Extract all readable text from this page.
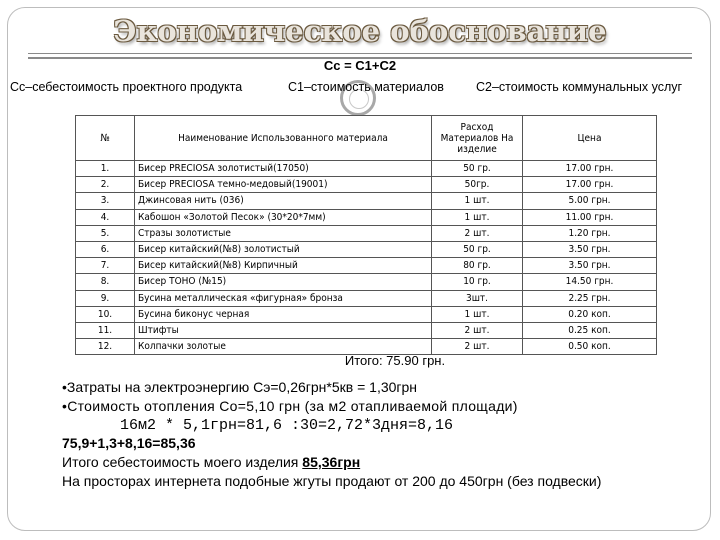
Экономическое обоснование
Cc = C1+C2
Cc–себестоимость проектного продукта	C1–стоимость материалов	C2–стоимость коммунальных услуг
№	Наименование Использованного материала	Расход Материалов На изделие	Цена
1.	Бисер PRECIOSA золотистый(17050)	50 гр.	17.00 грн.
2.	Бисер PRECIOSA темно-медовый(19001)	50гр.	17.00 грн.
3.	Джинсовая нить (036)	1 шт.	5.00 грн.
4.	Кабошон «Золотой Песок» (30*20*7мм)	1 шт.	11.00 грн.
5.	Стразы золотистые	2 шт.	1.20 грн.
6.	Бисер китайский(№8) золотистый	50 гр.	3.50 грн.
7.	Бисер китайский(№8) Кирпичный	80 гр.	3.50 грн.
8.	Бисер TOHO (№15)	10 гр.	14.50 грн.
9.	Бусина металлическая «фигурная» бронза	3шт.	2.25 грн.
10.	Бусина биконус черная	1 шт.	0.20 коп.
11.	Штифты	2 шт.	0.25 коп.
12.	Колпачки золотые	2 шт.	0.50 коп.
Итого: 75.90 грн.
•Затраты на электроэнергию Сэ=0,26грн*5кв = 1,30грн
•Стоимость отопления Co=5,10 грн (за м2 отапливаемой площади)
16м2 * 5,1грн=81,6 :30=2,72*3дня=8,16
75,9+1,3+8,16=85,36
Итого себестоимость моего изделия 85,36грн
На просторах интернета подобные жгуты продают от 200 до 450грн (без подвески)
